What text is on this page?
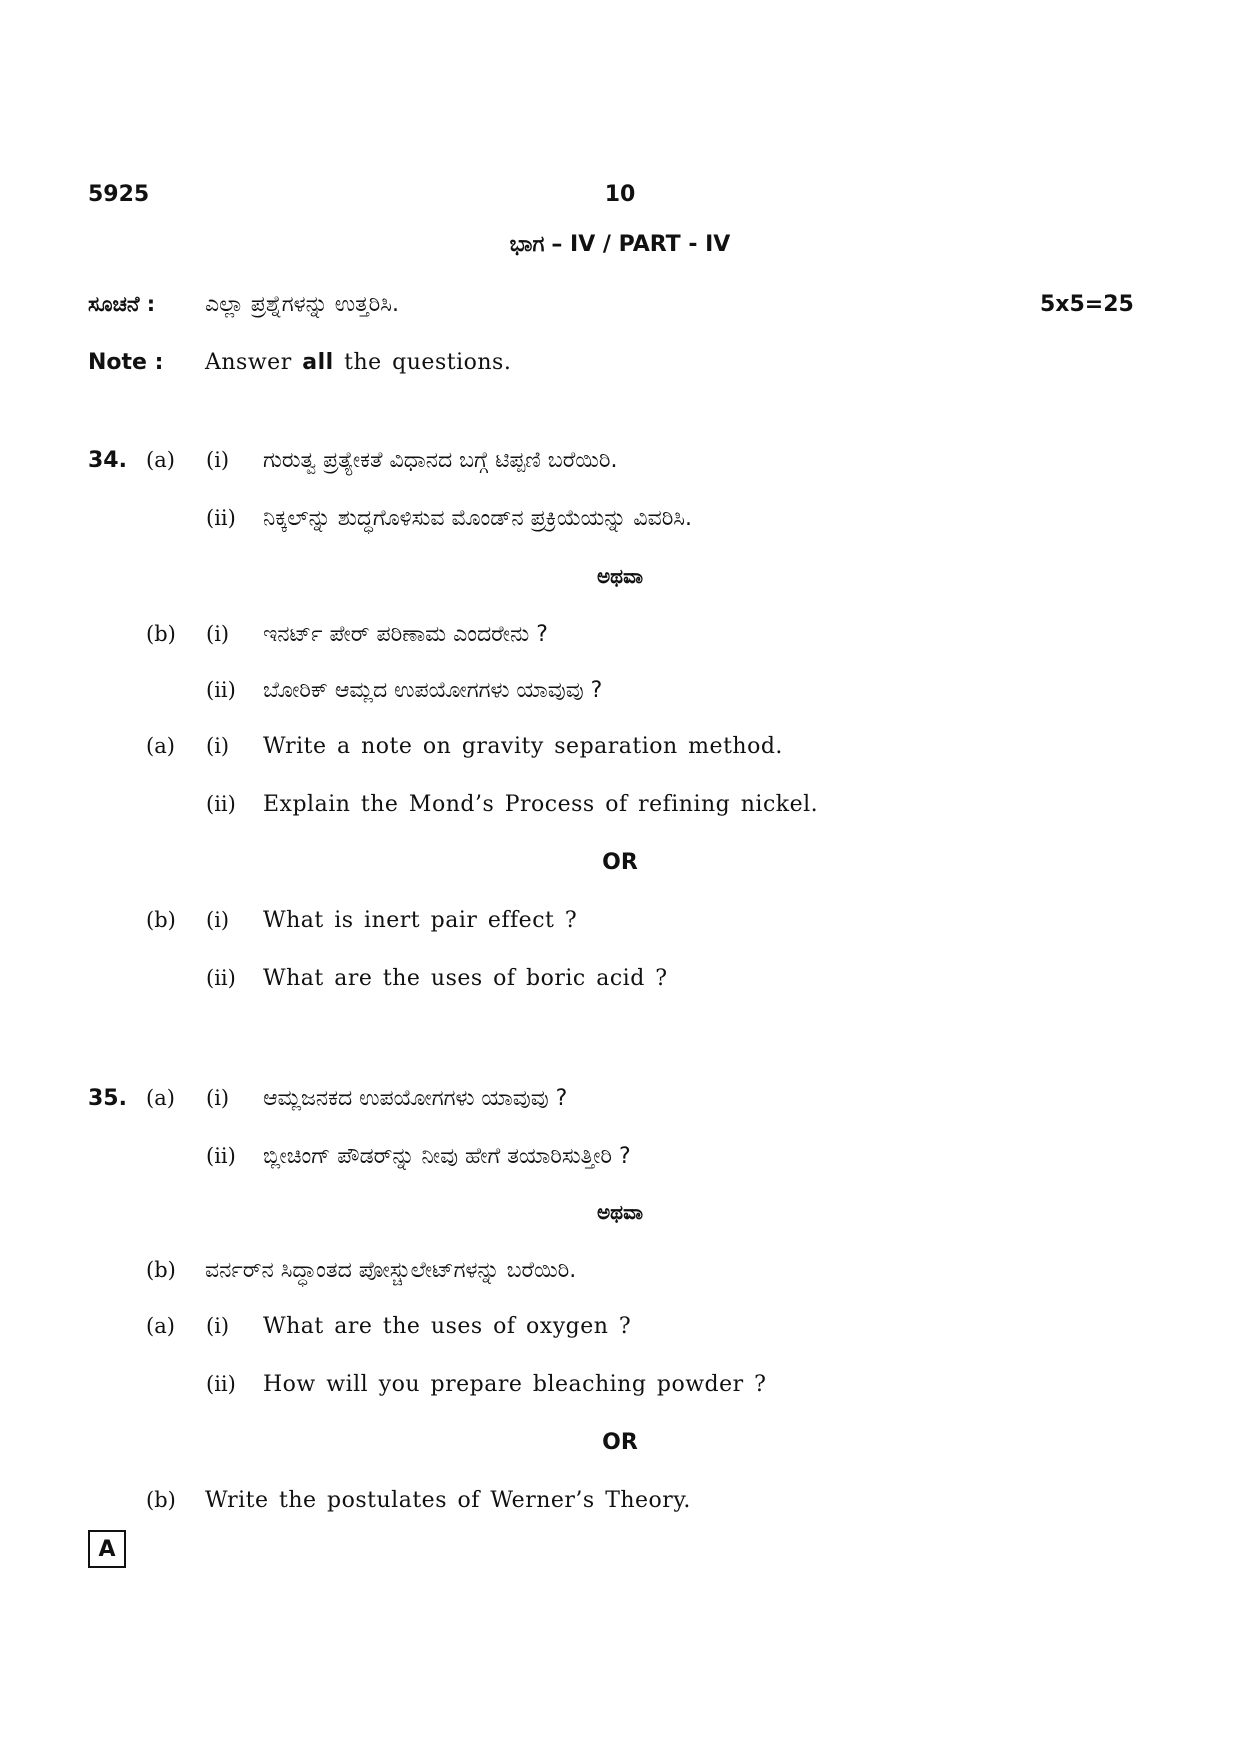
5925	10
ಭಾಗ – IV / PART - IV
ಸೂಚನೆ : ಎಲ್ಲಾ ಪ್ರಶ್ನೆಗಳನ್ನು ಉತ್ತರಿಸಿ.	5x5=25
Note : Answer all the questions.
34. (a) (i) ಗುರುತ್ವ ಪ್ರತ್ಯೇಕತೆ ವಿಧಾನದ ಬಗ್ಗೆ ಟಿಪ್ಪಣಿ ಬರೆಯಿರಿ.
(ii) ನಿಕ್ಕಲ್‌ನ್ನು ಶುದ್ಧಗೊಳಿಸುವ ಮೊಂಡ್‌ನ ಪ್ರಕ್ರಿಯೆಯನ್ನು ವಿವರಿಸಿ.
ಅಥವಾ
(b) (i) ಇನರ್ಟ್ ಪೇರ್ ಪರಿಣಾಮ ಎಂದರೇನು ?
(ii) ಬೋರಿಕ್ ಆಮ್ಲದ ಉಪಯೋಗಗಳು ಯಾವುವು ?
(a) (i) Write a note on gravity separation method.
(ii) Explain the Mond’s Process of refining nickel.
OR
(b) (i) What is inert pair effect ?
(ii) What are the uses of boric acid ?
35. (a) (i) ಆಮ್ಲಜನಕದ ಉಪಯೋಗಗಳು ಯಾವುವು ?
(ii) ಬ್ಲೀಚಿಂಗ್ ಪೌಡರ್‌ನ್ನು ನೀವು ಹೇಗೆ ತಯಾರಿಸುತ್ತೀರಿ ?
ಅಥವಾ
(b) ವರ್ನರ್‌ನ ಸಿದ್ಧಾಂತದ ಪೋಸ್ಚುಲೇಟ್‌ಗಳನ್ನು ಬರೆಯಿರಿ.
(a) (i) What are the uses of oxygen ?
(ii) How will you prepare bleaching powder ?
OR
(b) Write the postulates of Werner’s Theory.
A
